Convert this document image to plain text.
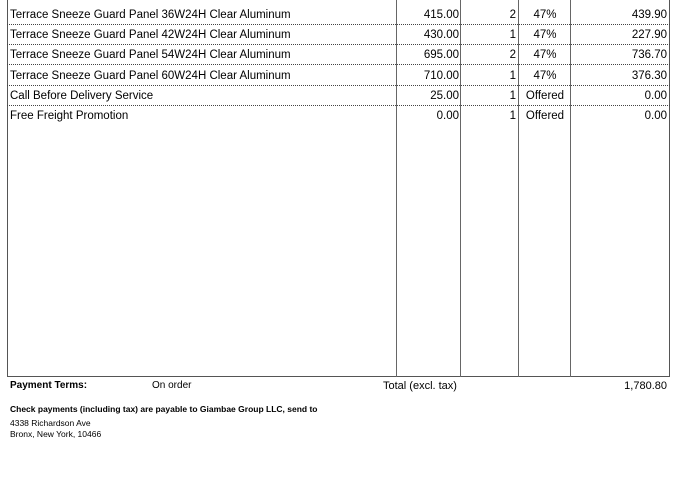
Terrace Sneeze Guard Panel 36W24H Clear Aluminum	415.00	2	47%	439.90
Terrace Sneeze Guard Panel 42W24H Clear Aluminum	430.00	1	47%	227.90
Terrace Sneeze Guard Panel 54W24H Clear Aluminum	695.00	2	47%	736.70
Terrace Sneeze Guard Panel 60W24H Clear Aluminum	710.00	1	47%	376.30
Call Before Delivery Service	25.00	1 Offered	0.00
Free Freight Promotion	0.00	1 Offered	0.00
Payment Terms:	On order	Total (excl. tax)	1,780.80
Check payments (including tax) are payable to Giambae Group LLC, send to
4338 Richardson Ave
Bronx, New York, 10466
